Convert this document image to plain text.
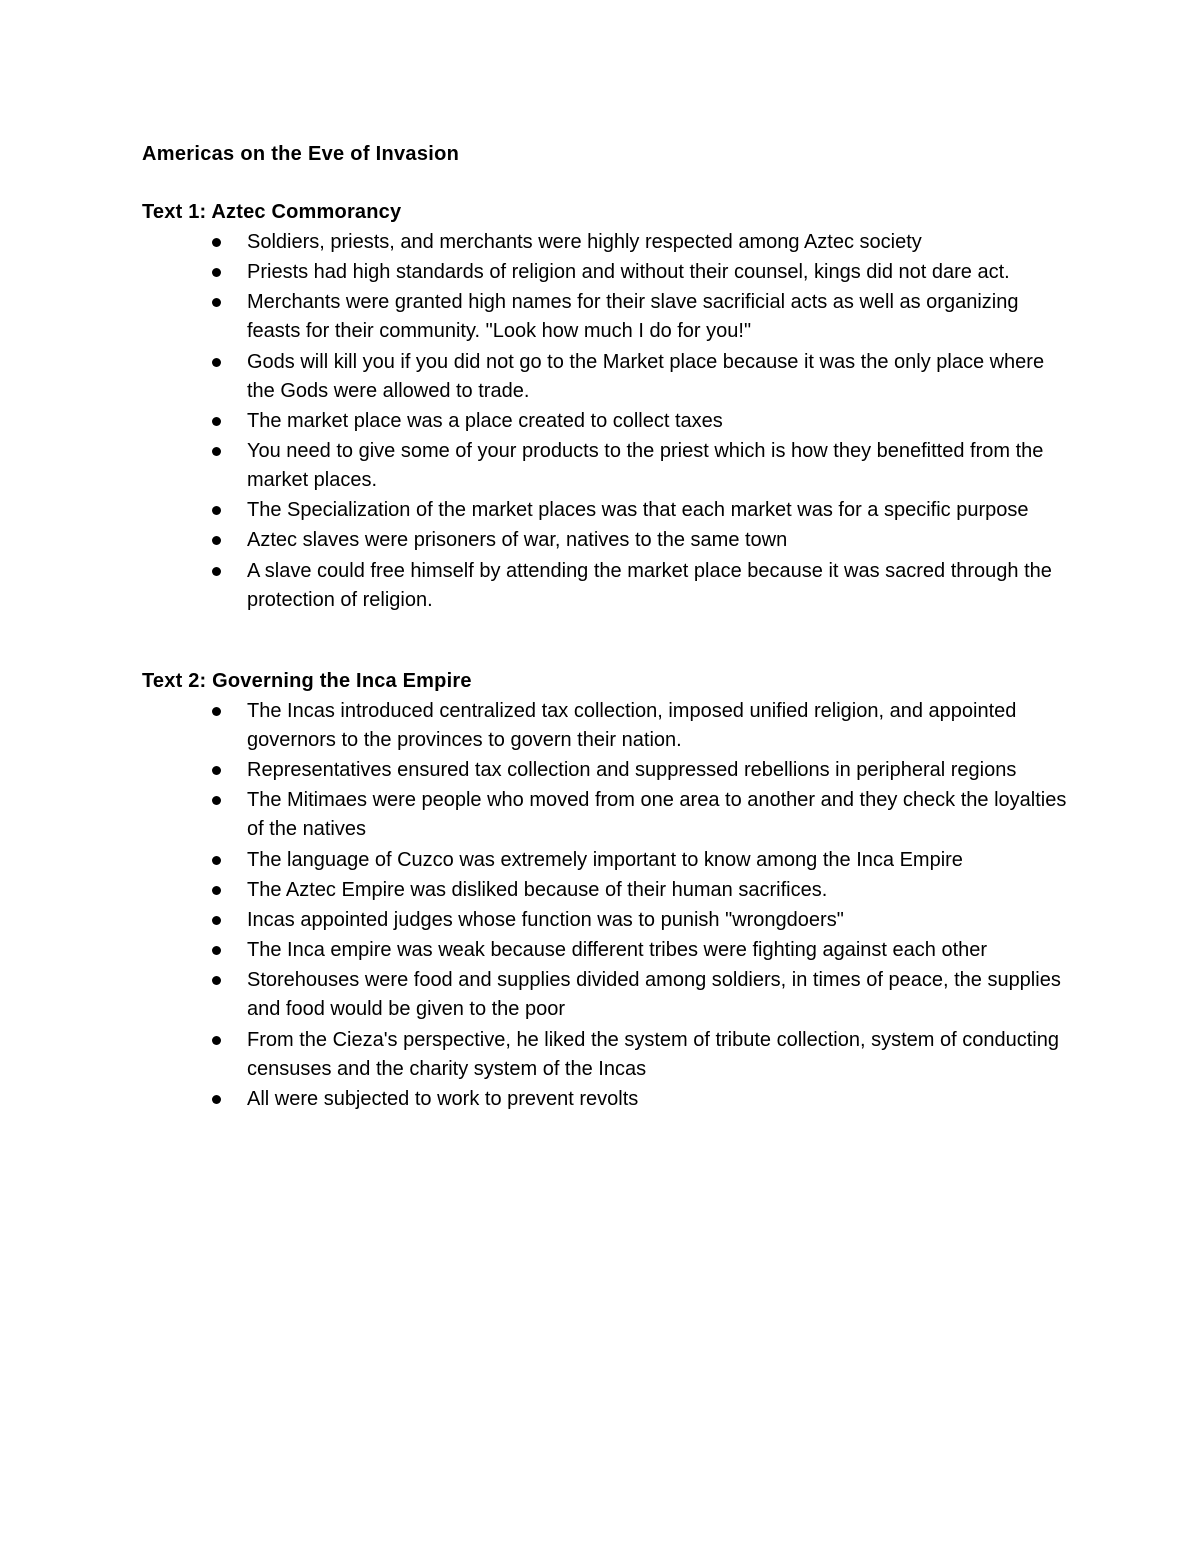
Americas on the Eve of Invasion
Text 1: Aztec Commorancy
Soldiers, priests, and merchants were highly respected among Aztec society
Priests had high standards of religion and without their counsel, kings did not dare act.
Merchants were granted high names for their slave sacrificial acts as well as organizing feasts for their community. "Look how much I do for you!"
Gods will kill you if you did not go to the Market place because it was the only place where the Gods were allowed to trade.
The market place was a place created to collect taxes
You need to give some of your products to the priest which is how they benefitted from the market places.
The Specialization of the market places was that each market was for a specific purpose
Aztec slaves were prisoners of war, natives to the same town
A slave could free himself by attending the market place because it was sacred through the protection of religion.
Text 2: Governing the Inca Empire
The Incas introduced centralized tax collection, imposed unified religion, and appointed governors to the provinces to govern their nation.
Representatives ensured tax collection and suppressed rebellions in peripheral regions
The Mitimaes were people who moved from one area to another and they check the loyalties of the natives
The language of Cuzco was extremely important to know among the Inca Empire
The Aztec Empire was disliked because of their human sacrifices.
Incas appointed judges whose function was to punish "wrongdoers"
The Inca empire was weak because different tribes were fighting against each other
Storehouses were food and supplies divided among soldiers, in times of peace, the supplies and food would be given to the poor
From the Cieza's perspective, he liked the system of tribute collection, system of conducting censuses and the charity system of the Incas
All were subjected to work to prevent revolts
